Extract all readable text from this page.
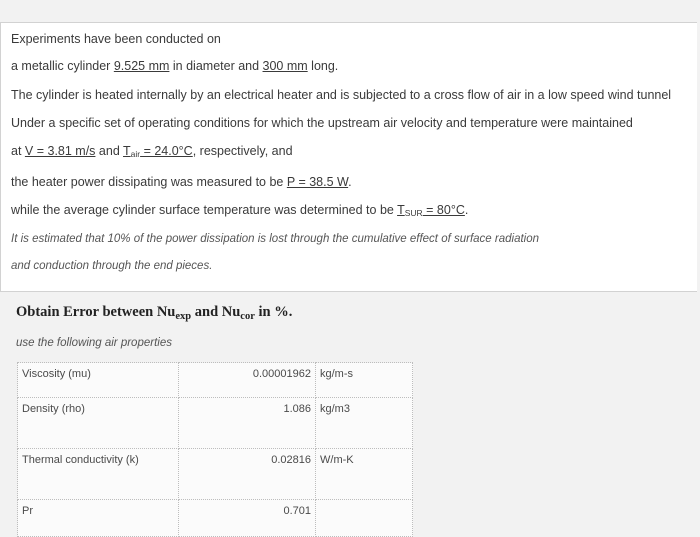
Experiments have been conducted on
a metallic cylinder 9.525 mm in diameter and 300 mm long.
The cylinder is heated internally by an electrical heater and is subjected to a cross flow of air in a low speed wind tunnel
Under a specific set of operating conditions for which the upstream air velocity and temperature were maintained
at V = 3.81 m/s and $T_{air} = 24.0^\circ C$, respectively, and
the heater power dissipating was measured to be P = 38.5 W.
while the average cylinder surface temperature was determined to be $T_{SUR} = 80^\circ C$.
It is estimated that 10% of the power dissipation is lost through the cumulative effect of surface radiation
and conduction through the end pieces.
Obtain Error between $Nu_{exp}$ and $Nu_{cor}$ in %.
use the following air properties
Viscosity (mu)	0.00001962	kg/m-s
Density (rho)	1.086	kg/m3
Thermal conductivity (k)	0.02816	W/m-K
Pr	0.701	
